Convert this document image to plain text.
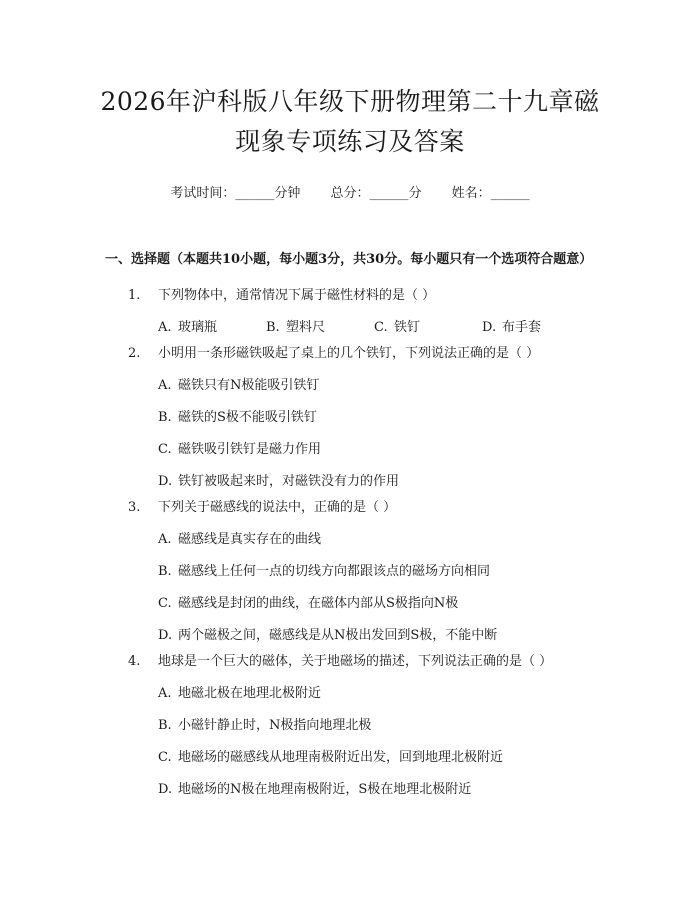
2026年沪科版八年级下册物理第二十九章磁
现象专项练习及答案
考试时间：______分钟 总分：______分 姓名：______
一、选择题（本题共10小题，每小题3分，共30分。每小题只有一个选项符合题意）
1.	下列物体中，通常情况下属于磁性材料的是（ ）
A. 玻璃瓶	B. 塑料尺	C. 铁钉	D. 布手套
2.	小明用一条形磁铁吸起了桌上的几个铁钉，下列说法正确的是（ ）
A. 磁铁只有N极能吸引铁钉
B. 磁铁的S极不能吸引铁钉
C. 磁铁吸引铁钉是磁力作用
D. 铁钉被吸起来时，对磁铁没有力的作用
3.	下列关于磁感线的说法中，正确的是（ ）
A. 磁感线是真实存在的曲线
B. 磁感线上任何一点的切线方向都跟该点的磁场方向相同
C. 磁感线是封闭的曲线，在磁体内部从S极指向N极
D. 两个磁极之间，磁感线是从N极出发回到S极，不能中断
4.	地球是一个巨大的磁体，关于地磁场的描述，下列说法正确的是（ ）
A. 地磁北极在地理北极附近
B. 小磁针静止时，N极指向地理北极
C. 地磁场的磁感线从地理南极附近出发，回到地理北极附近
D. 地磁场的N极在地理南极附近，S极在地理北极附近
